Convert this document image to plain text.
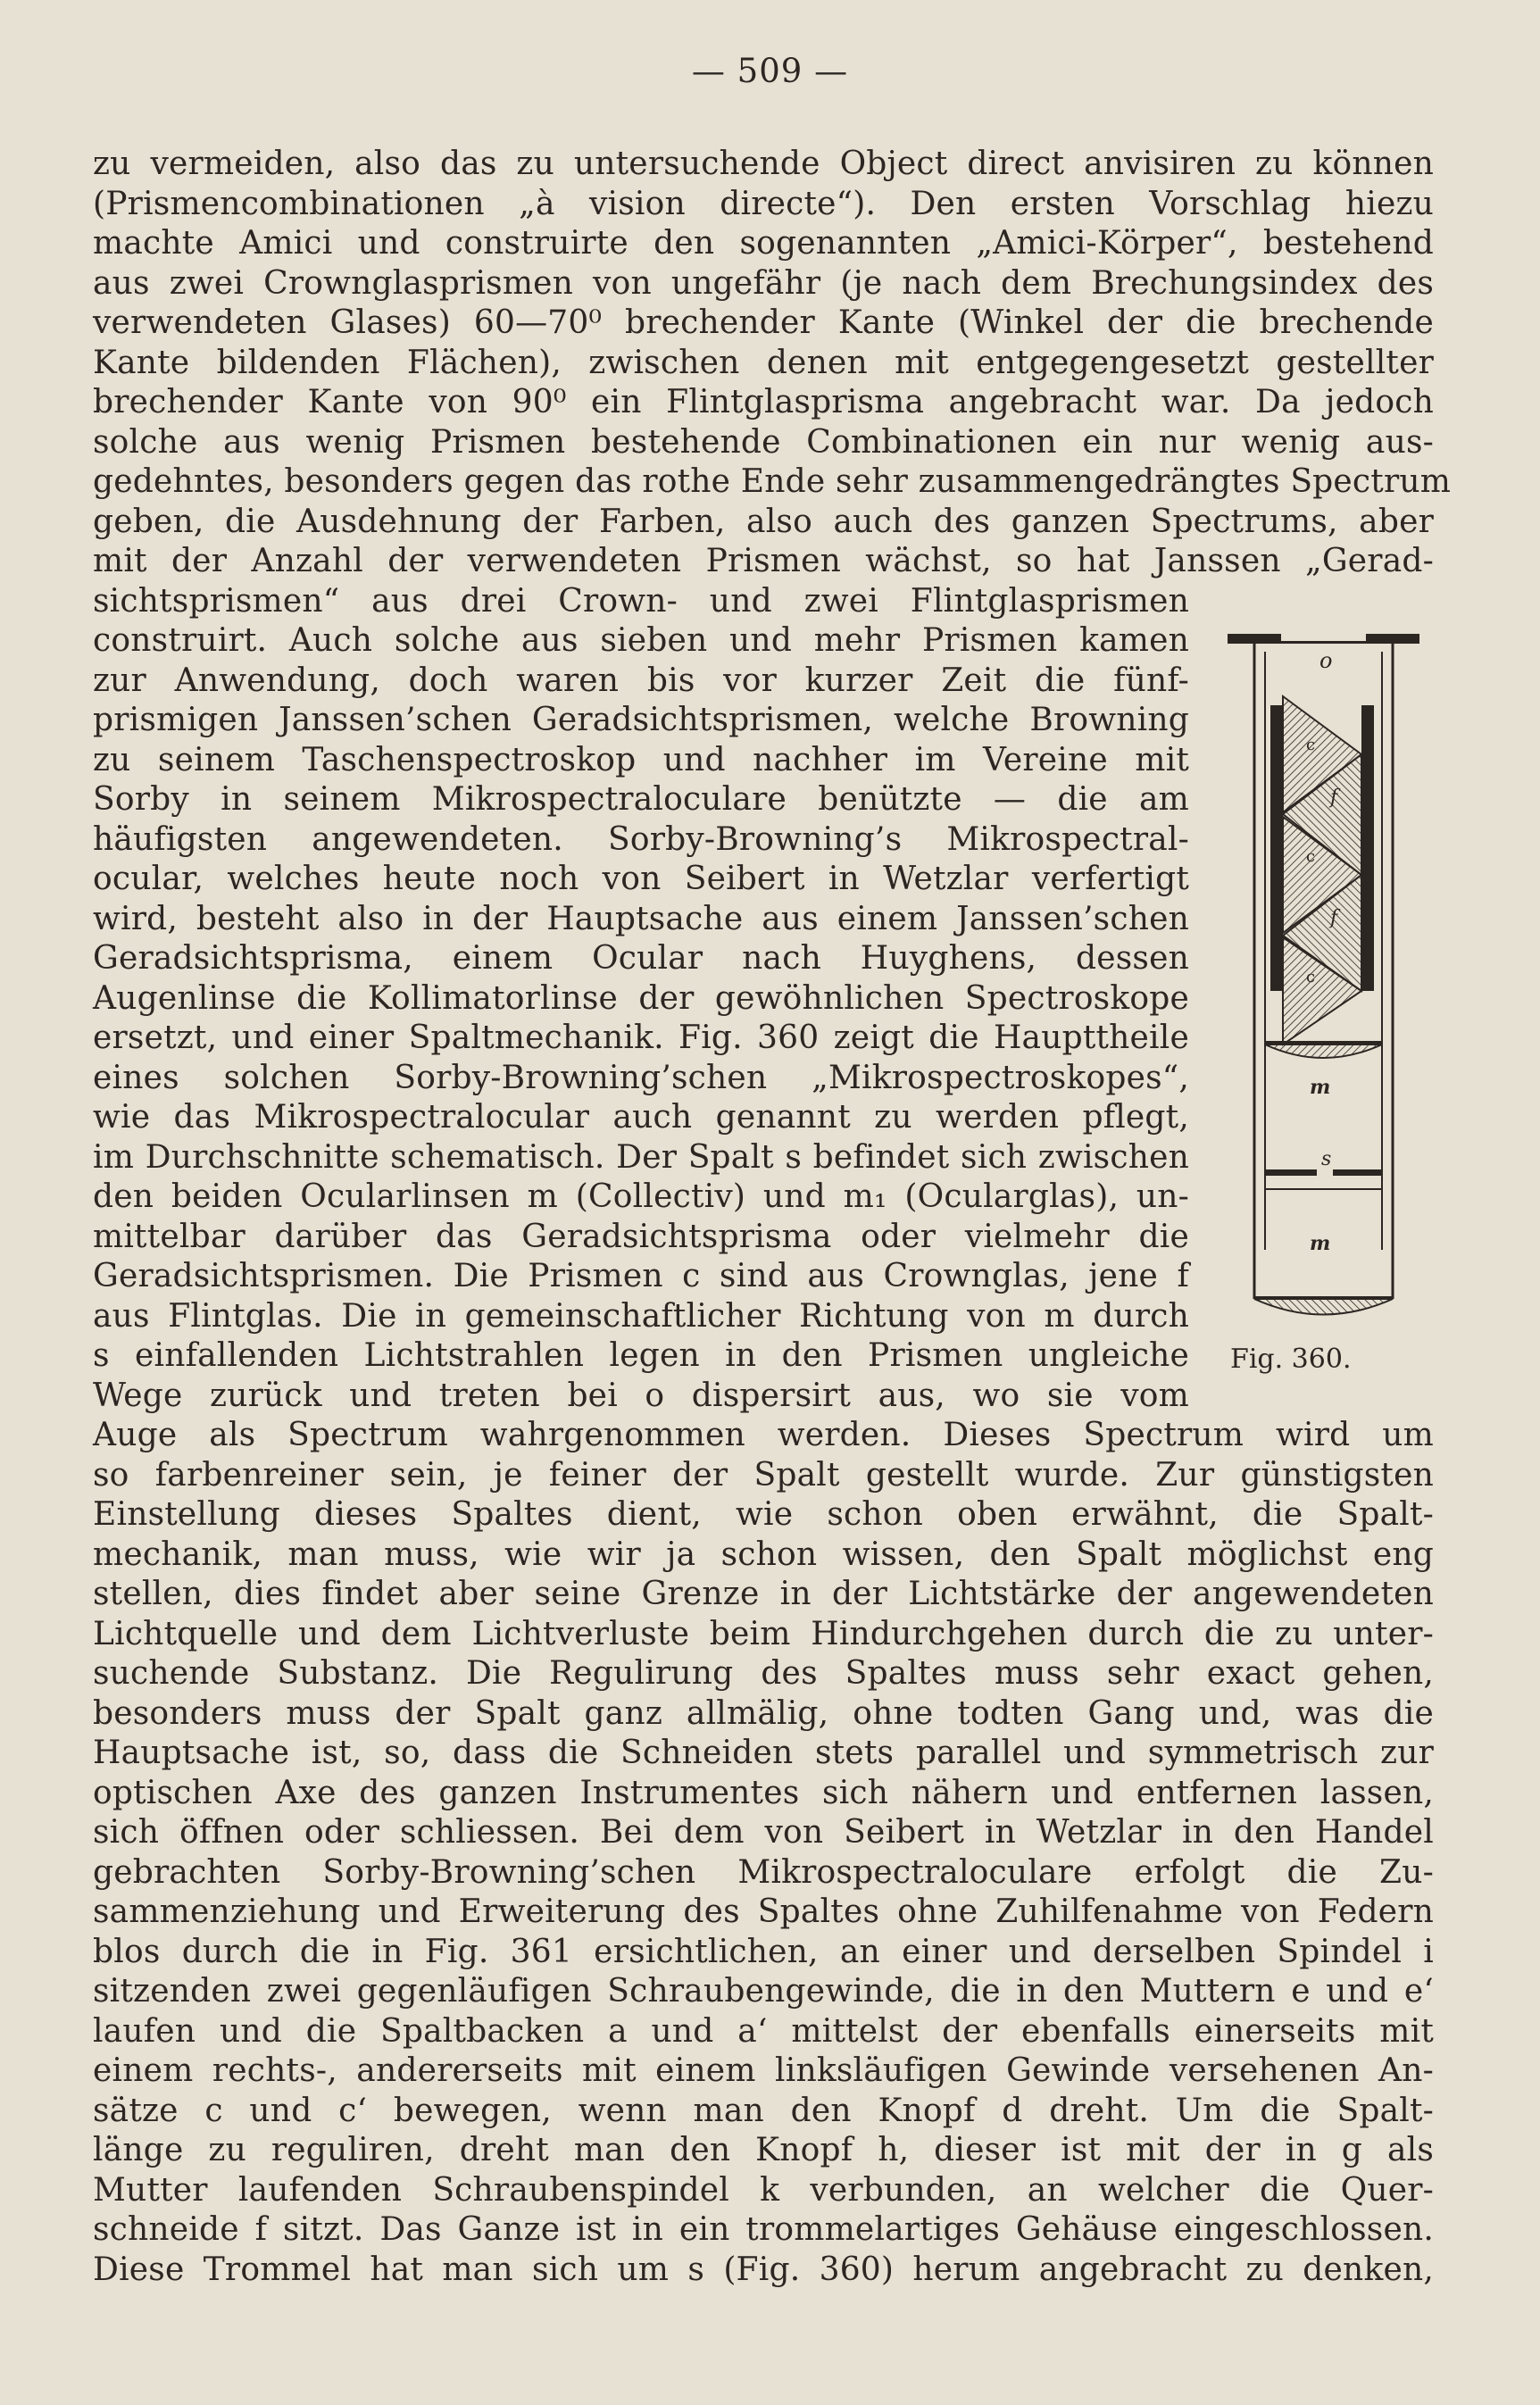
— 509 —
zu vermeiden, also das zu untersuchende Object direct anvisiren zu können
(Prismencombinationen „à vision directe“). Den ersten Vorschlag hiezu
machte Amici und construirte den sogenannten „Amici-Körper“, bestehend
aus zwei Crownglasprismen von ungefähr (je nach dem Brechungsindex des
verwendeten Glases) 60—70⁰ brechender Kante (Winkel der die brechende
Kante bildenden Flächen), zwischen denen mit entgegengesetzt gestellter
brechender Kante von 90⁰ ein Flintglasprisma angebracht war. Da jedoch
solche aus wenig Prismen bestehende Combinationen ein nur wenig aus-
gedehntes, besonders gegen das rothe Ende sehr zusammengedrängtes Spectrum
geben, die Ausdehnung der Farben, also auch des ganzen Spectrums, aber
mit der Anzahl der verwendeten Prismen wächst, so hat Janssen „Gerad-
sichtsprismen“ aus drei Crown- und zwei Flintglasprismen
construirt. Auch solche aus sieben und mehr Prismen kamen
zur Anwendung, doch waren bis vor kurzer Zeit die fünf-
prismigen Janssen’schen Geradsichtsprismen, welche Browning
zu seinem Taschenspectroskop und nachher im Vereine mit
Sorby in seinem Mikrospectraloculare benützte — die am
häufigsten angewendeten. Sorby-Browning’s Mikrospectral-
ocular, welches heute noch von Seibert in Wetzlar verfertigt
wird, besteht also in der Hauptsache aus einem Janssen’schen
Geradsichtsprisma, einem Ocular nach Huyghens, dessen
Augenlinse die Kollimatorlinse der gewöhnlichen Spectroskope
ersetzt, und einer Spaltmechanik. Fig. 360 zeigt die Haupttheile
eines solchen Sorby-Browning’schen „Mikrospectroskopes“,
wie das Mikrospectralocular auch genannt zu werden pflegt,
im Durchschnitte schematisch. Der Spalt s befindet sich zwischen
den beiden Ocularlinsen m (Collectiv) und m₁ (Ocularglas), un-
mittelbar darüber das Geradsichtsprisma oder vielmehr die
Geradsichtsprismen. Die Prismen c sind aus Crownglas, jene f
aus Flintglas. Die in gemeinschaftlicher Richtung von m durch
s einfallenden Lichtstrahlen legen in den Prismen ungleiche
Wege zurück und treten bei o dispersirt aus, wo sie vom
Auge als Spectrum wahrgenommen werden. Dieses Spectrum wird um
so farbenreiner sein, je feiner der Spalt gestellt wurde. Zur günstigsten
Einstellung dieses Spaltes dient, wie schon oben erwähnt, die Spalt-
mechanik, man muss, wie wir ja schon wissen, den Spalt möglichst eng
stellen, dies findet aber seine Grenze in der Lichtstärke der angewendeten
Lichtquelle und dem Lichtverluste beim Hindurchgehen durch die zu unter-
suchende Substanz. Die Regulirung des Spaltes muss sehr exact gehen,
besonders muss der Spalt ganz allmälig, ohne todten Gang und, was die
Hauptsache ist, so, dass die Schneiden stets parallel und symmetrisch zur
optischen Axe des ganzen Instrumentes sich nähern und entfernen lassen,
sich öffnen oder schliessen. Bei dem von Seibert in Wetzlar in den Handel
gebrachten Sorby-Browning’schen Mikrospectraloculare erfolgt die Zu-
sammenziehung und Erweiterung des Spaltes ohne Zuhilfenahme von Federn
blos durch die in Fig. 361 ersichtlichen, an einer und derselben Spindel i
sitzenden zwei gegenläufigen Schraubengewinde, die in den Muttern e und e‘
laufen und die Spaltbacken a und a‘ mittelst der ebenfalls einerseits mit
einem rechts-, andererseits mit einem linksläufigen Gewinde versehenen An-
sätze c und c‘ bewegen, wenn man den Knopf d dreht. Um die Spalt-
länge zu reguliren, dreht man den Knopf h, dieser ist mit der in g als
Mutter laufenden Schraubenspindel k verbunden, an welcher die Quer-
schneide f sitzt. Das Ganze ist in ein trommelartiges Gehäuse eingeschlossen.
Diese Trommel hat man sich um s (Fig. 360) herum angebracht zu denken,
o
c
f
c
f
c
m
s
m
Fig. 360.
